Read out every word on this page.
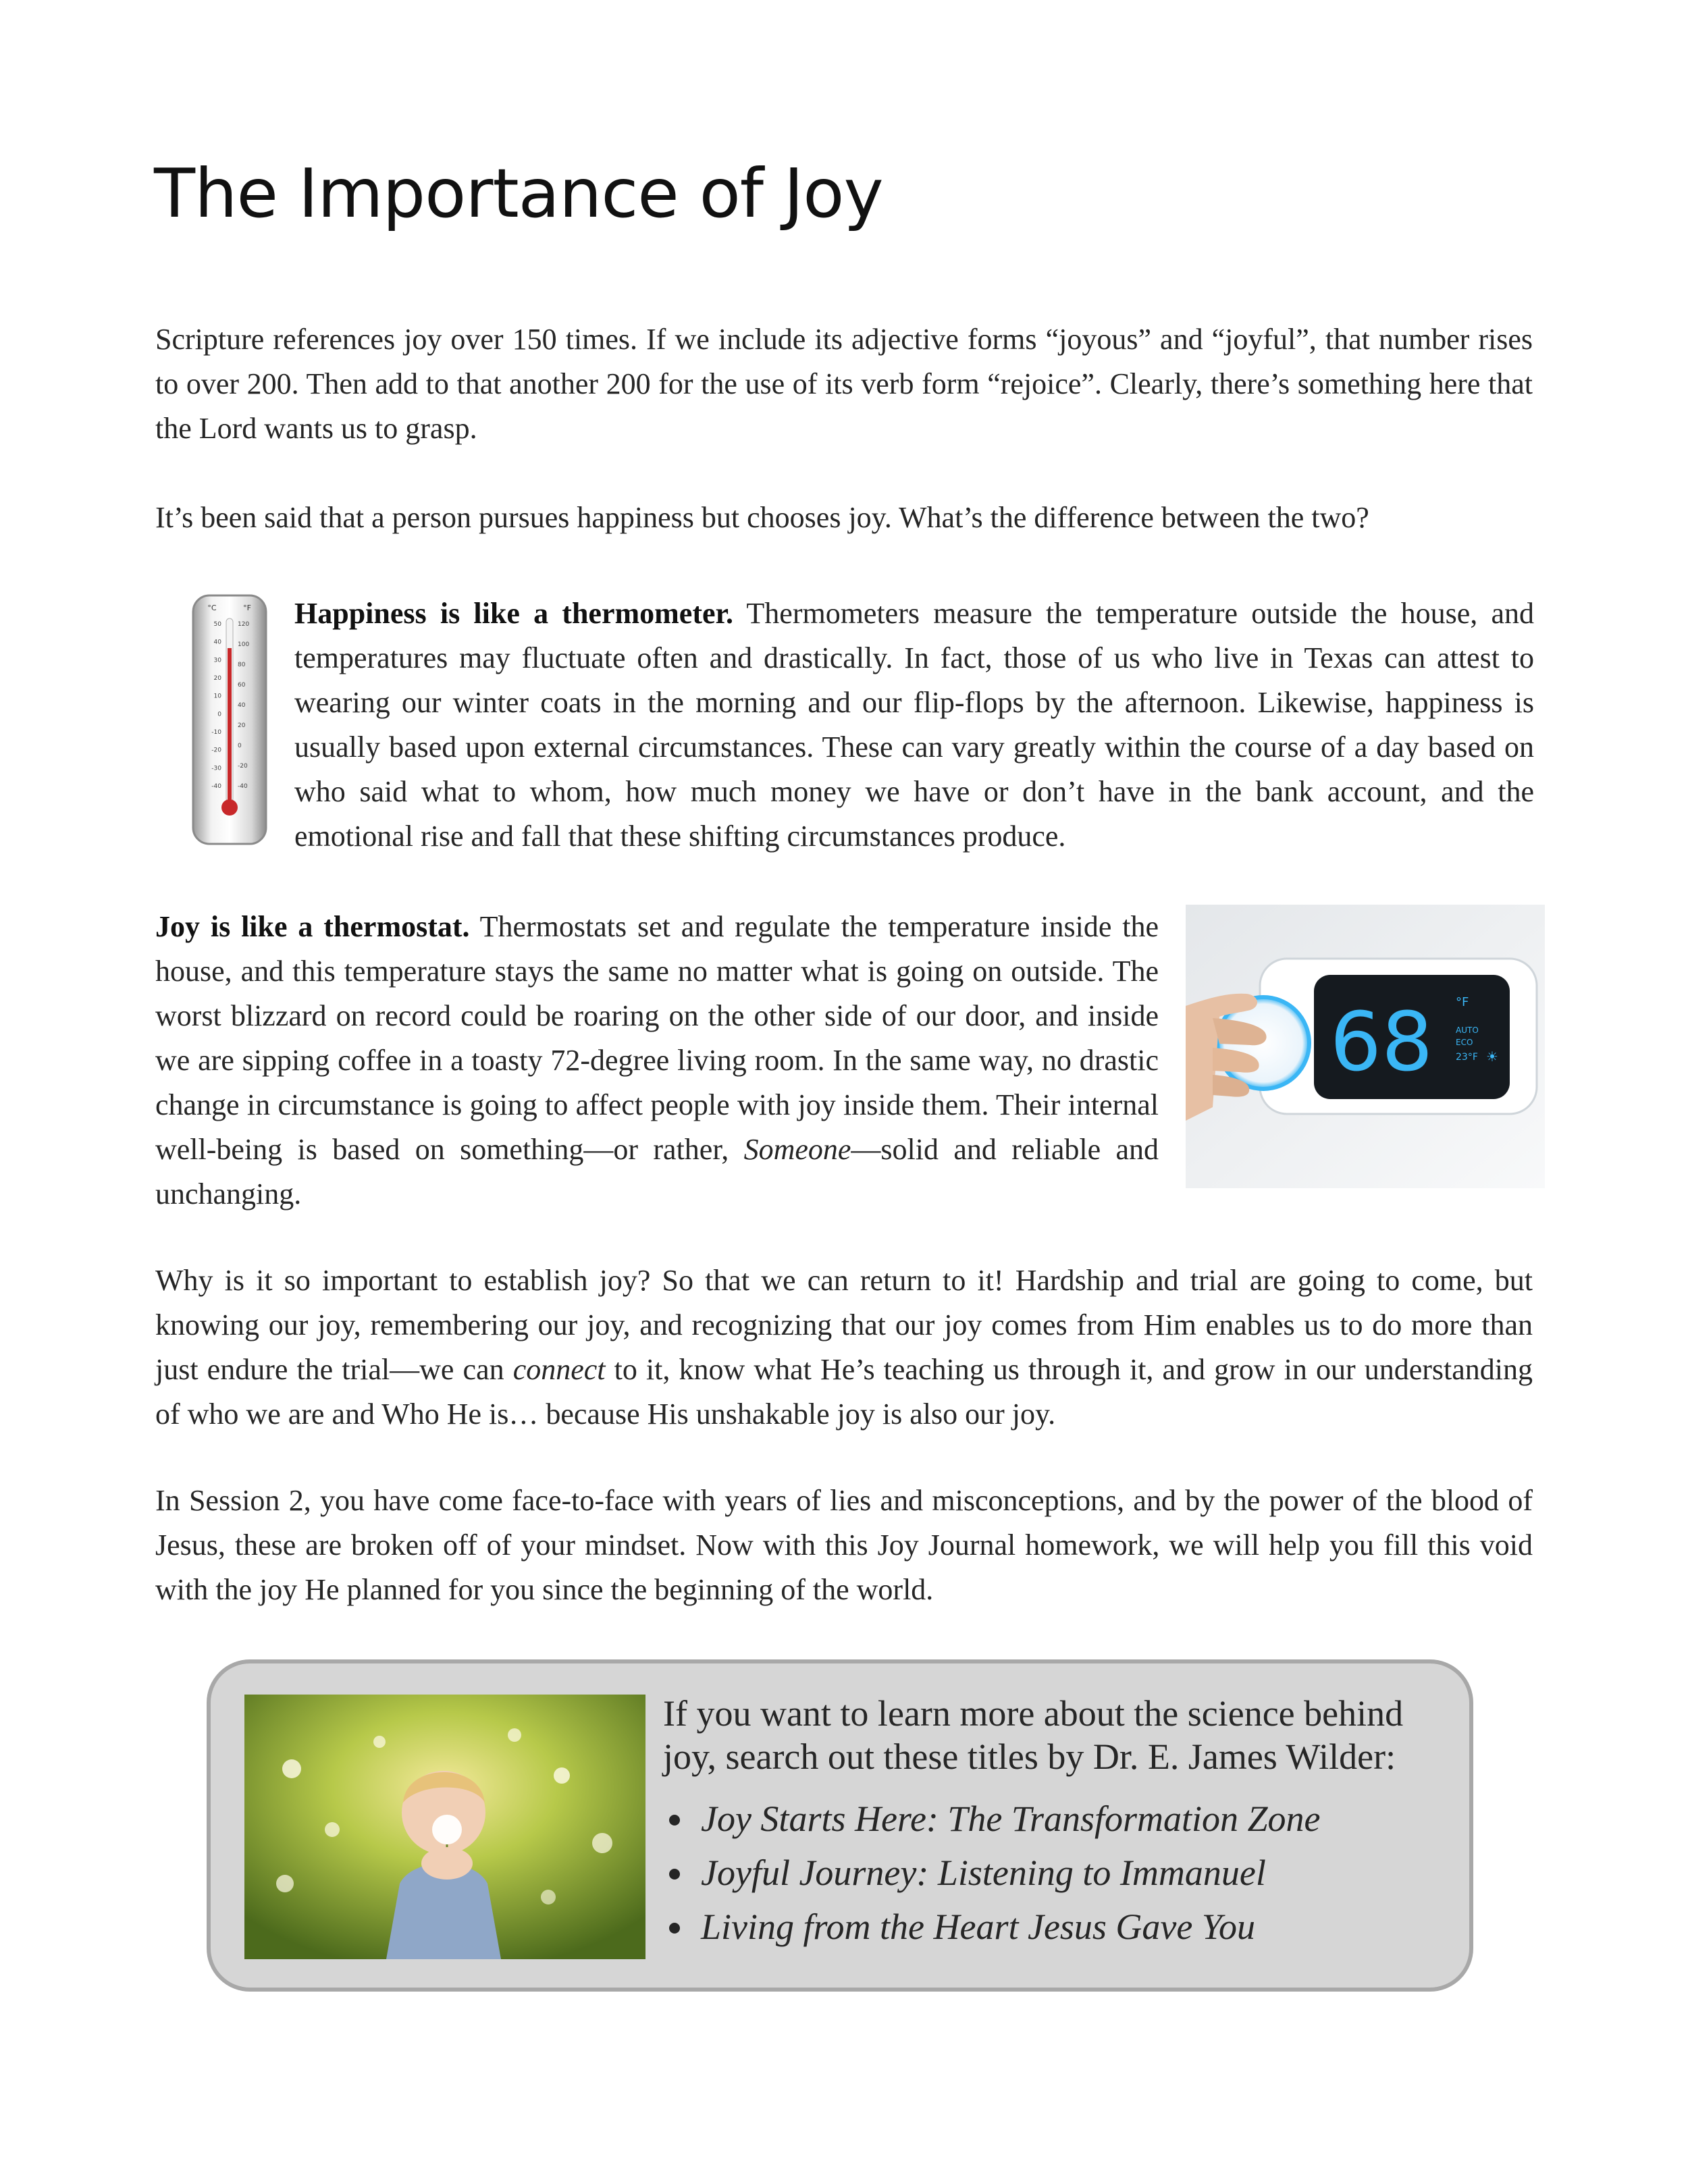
The Importance of Joy

Scripture references joy over 150 times. If we include its adjective forms “joyous” and “joyful”, that number rises to over 200. Then add to that another 200 for the use of its verb form “rejoice”. Clearly, there’s something here that the Lord wants us to grasp.

It’s been said that a person pursues happiness but chooses joy. What’s the difference between the two?

°C	°F
50
40
30
20
10
0
-10
-20
-30
-40
120
100
80
60
40
20
0
-20
-40

Happiness is like a thermometer. Thermometers measure the temperature outside the house, and temperatures may fluctuate often and drastically. In fact, those of us who live in Texas can attest to wearing our winter coats in the morning and our flip-flops by the afternoon. Likewise, happiness is usually based upon external circumstances. These can vary greatly within the course of a day based on who said what to whom, how much money we have or don’t have in the bank account, and the emotional rise and fall that these shifting circumstances produce.

Joy is like a thermostat. Thermostats set and regulate the temperature inside the house, and this temperature stays the same no matter what is going on outside. The worst blizzard on record could be roaring on the other side of our door, and inside we are sipping coffee in a toasty 72-degree living room. In the same way, no drastic change in circumstance is going to affect people with joy inside them. Their internal well-being is based on something—or rather, Someone—solid and reliable and unchanging.

68 °F
AUTO
ECO
23°F ☀

Why is it so important to establish joy? So that we can return to it! Hardship and trial are going to come, but knowing our joy, remembering our joy, and recognizing that our joy comes from Him enables us to do more than just endure the trial—we can connect to it, know what He’s teaching us through it, and grow in our understanding of who we are and Who He is… because His unshakable joy is also our joy.

In Session 2, you have come face-to-face with years of lies and misconceptions, and by the power of the blood of Jesus, these are broken off of your mindset. Now with this Joy Journal homework, we will help you fill this void with the joy He planned for you since the beginning of the world.

If you want to learn more about the science behind joy, search out these titles by Dr. E. James Wilder:

• Joy Starts Here: The Transformation Zone
• Joyful Journey: Listening to Immanuel
• Living from the Heart Jesus Gave You
